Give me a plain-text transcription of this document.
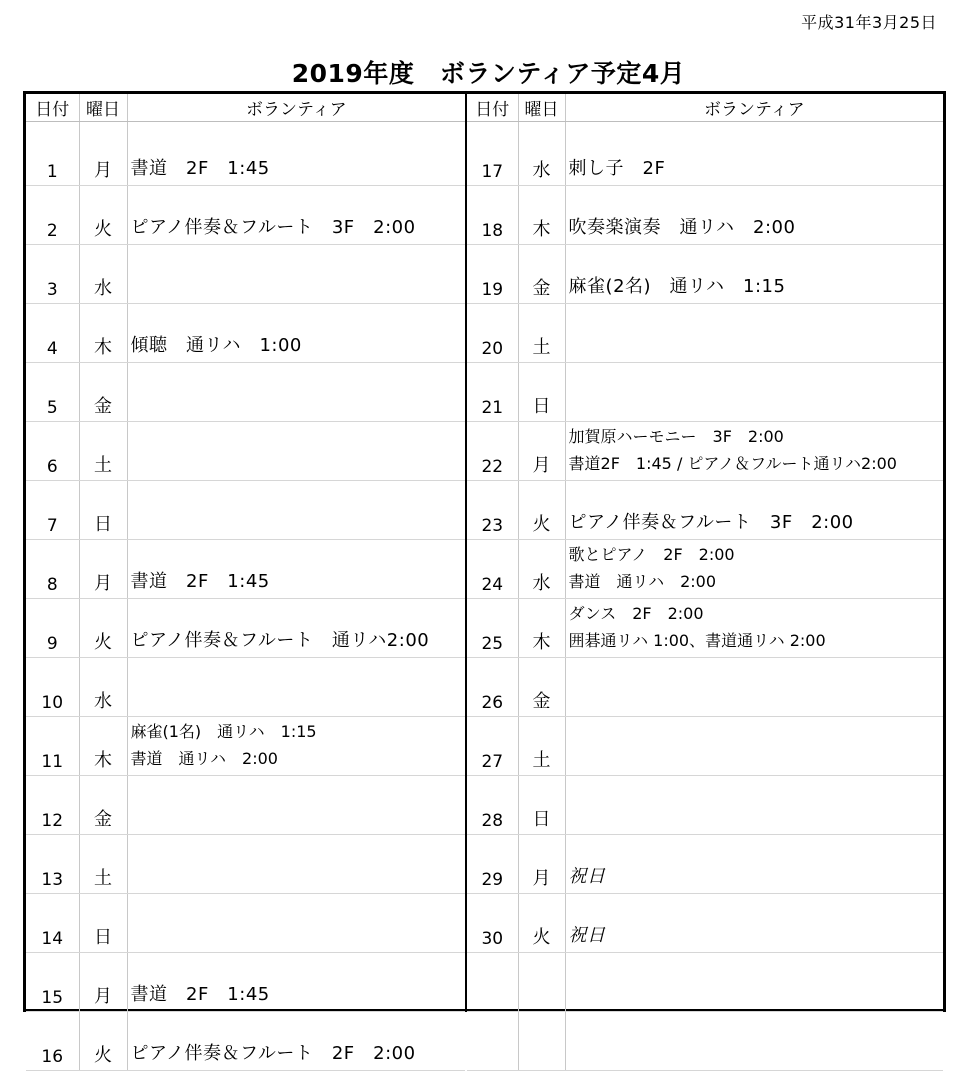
平成31年3月25日
2019年度　ボランティア予定4月
日付	曜日	ボランティア
1	月	書道　2F　1:45

2	火	ピアノ伴奏＆フルート　3F　2:00

3	水	
4	木	傾聴　通リハ　1:00

5	金	
6	土	
7	日	
8	月	書道　2F　1:45

9	火	ピアノ伴奏＆フルート　通リハ2:00

10	水	
11	木	麻雀(1名)　通リハ　1:15
書道　通リハ　2:00

12	金	
13	土	
14	日	
15	月	書道　2F　1:45

16	火	ピアノ伴奏＆フルート　2F　2:00
日付	曜日	ボランティア
17	水	刺し子　2F

18	木	吹奏楽演奏　通リハ　2:00

19	金	麻雀(2名)　通リハ　1:15

20	土	
21	日	
22	月	加賀原ハーモニー　3F　2:00
書道2F　1:45 / ピアノ＆フルート通リハ2:00

23	火	ピアノ伴奏＆フルート　3F　2:00

24	水	歌とピアノ　2F　2:00
書道　通リハ　2:00

25	木	ダンス　2F　2:00
囲碁通リハ 1:00、書道通リハ 2:00

26	金	
27	土	
28	日	
29	月	祝日

30	火	祝日
